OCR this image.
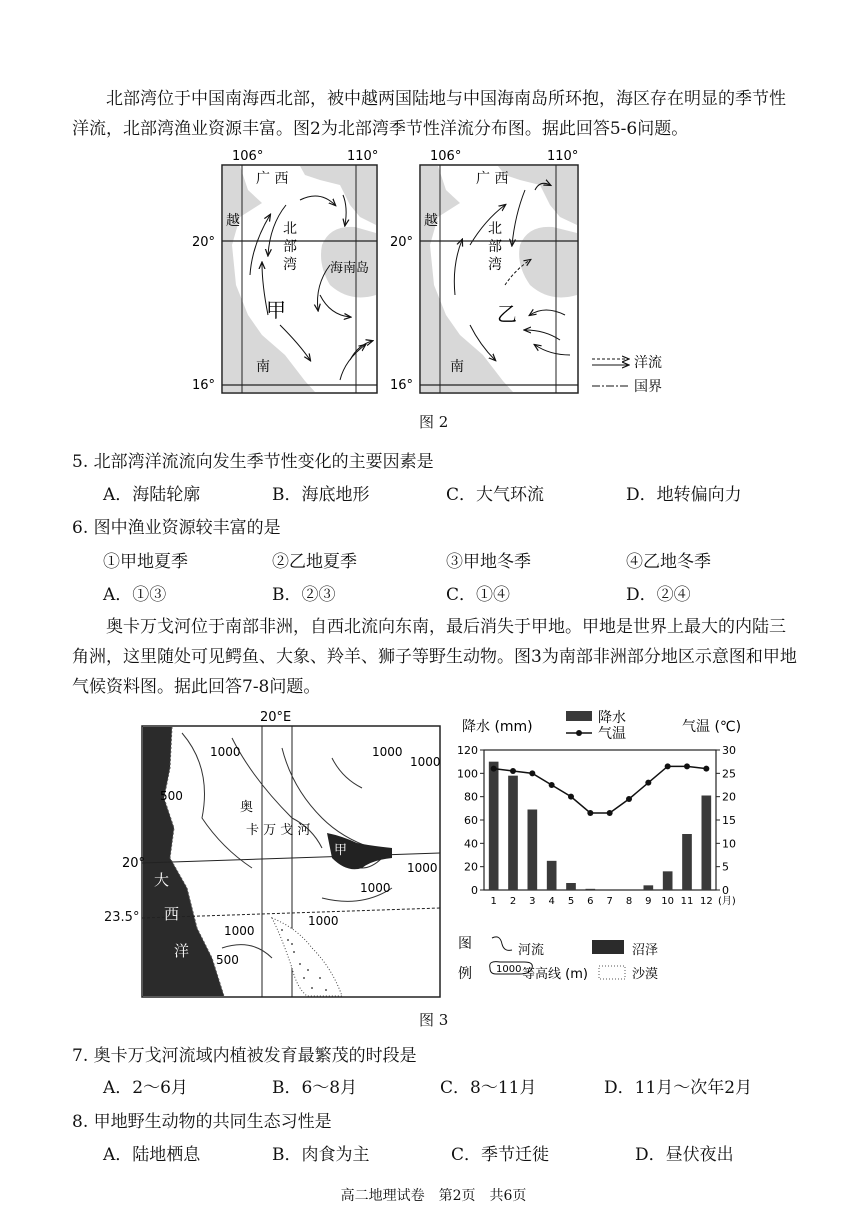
北部湾位于中国南海西北部，被中越两国陆地与中国海南岛所环抱，海区存在明显的季节性洋流，北部湾渔业资源丰富。图2为北部湾季节性洋流分布图。据此回答5-6问题。

106°	110°
20°
16°
广 西
越	北
部
湾	海南岛
甲
南
106°	110°
20°
16°
广 西
越	北
部
湾
乙
南	洋流
国界
图 2

5. 北部湾洋流流向发生季节性变化的主要因素是

A．海陆轮廓	B．海底地形	C．大气环流	D．地转偏向力

6. 图中渔业资源较丰富的是

①甲地夏季	②乙地夏季	③甲地冬季	④乙地冬季
A．①③	B．②③	C．①④	D．②④

奥卡万戈河位于南部非洲，自西北流向东南，最后消失于甲地。甲地是世界上最大的内陆三角洲，这里随处可见鳄鱼、大象、羚羊、狮子等野生动物。图3为南部非洲部分地区示意图和甲地气候资料图。据此回答7-8问题。

20°E
20°
大
西
洋
奥
卡 万 戈 河
甲
1000	1000
500
1000
1000
1000
1000
1000
500
23.5°
降水 (mm)	气温 (℃)
降水
气温
0
20
40
60
80
100
120
0
5
10
15
20
25
30
1 2 3 4 5 6 7 8 9 10 11 12 (月)
图
例
河流	沼泽
1000 等高线 (m)	沙漠
图 3

7. 奥卡万戈河流域内植被发育最繁茂的时段是

A．2～6月	B．6～8月	C．8～11月	D．11月～次年2月

8. 甲地野生动物的共同生态习性是

A．陆地栖息	B．肉食为主	C．季节迁徙	D．昼伏夜出
高二地理试卷　第2页　共6页
